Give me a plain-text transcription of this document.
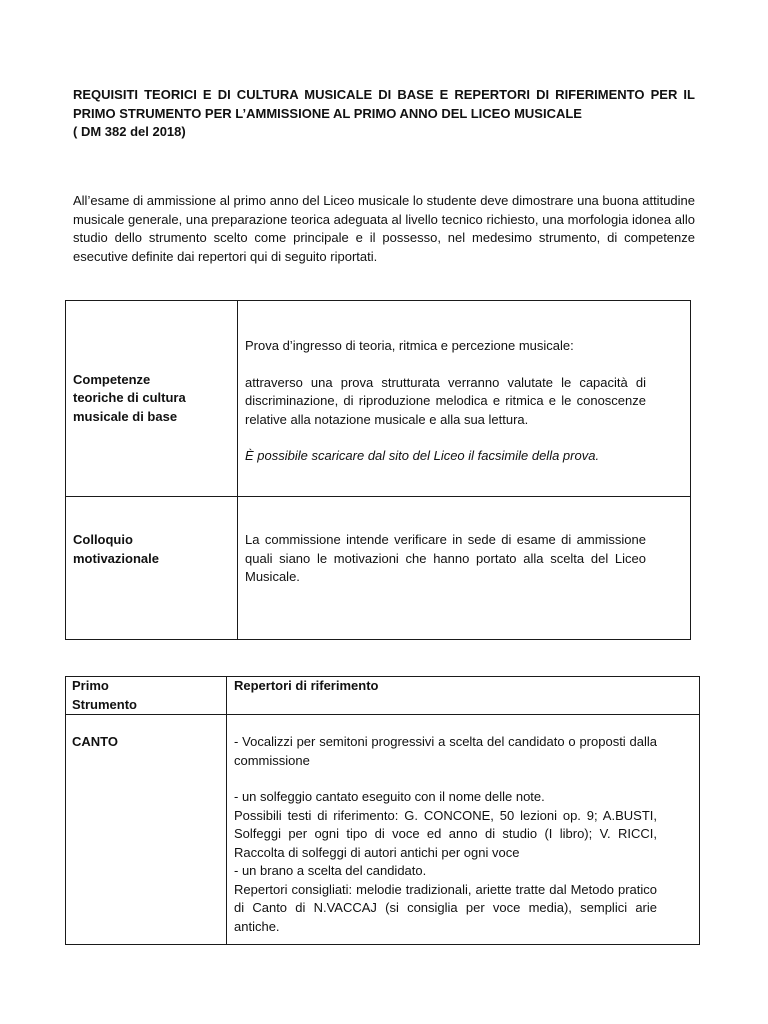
REQUISITI TEORICI E DI CULTURA MUSICALE DI BASE E REPERTORI DI RIFERIMENTO PER IL
PRIMO STRUMENTO PER L’AMMISSIONE AL PRIMO ANNO DEL LICEO MUSICALE
( DM 382 del 2018)
All’esame di ammissione al primo anno del Liceo musicale lo studente deve dimostrare una buona attitudine musicale generale, una preparazione teorica adeguata al livello tecnico richiesto, una morfologia idonea allo studio dello strumento scelto come principale e il possesso, nel medesimo strumento, di competenze esecutive definite dai repertori qui di seguito riportati.
Competenze teoriche di cultura musicale di base	Prova d’ingresso di teoria, ritmica e percezione musicale:

attraverso una prova strutturata verranno valutate le capacità di discriminazione, di riproduzione melodica e ritmica e le conoscenze relative alla notazione musicale e alla sua lettura.

È possibile scaricare dal sito del Liceo il facsimile della prova.

Colloquio motivazionale	La commissione intende verificare in sede di esame di ammissione quali siano le motivazioni che hanno portato alla scelta del Liceo Musicale.

Primo Strumento	Repertori di riferimento

CANTO	- Vocalizzi per semitoni progressivi a scelta del candidato o proposti dalla commissione

- un solfeggio cantato eseguito con il nome delle note.

Possibili testi di riferimento: G. CONCONE, 50 lezioni op. 9; A.BUSTI, Solfeggi per ogni tipo di voce ed anno di studio (I libro); V. RICCI, Raccolta di solfeggi di autori antichi per ogni voce

- un brano a scelta del candidato.

Repertori consigliati: melodie tradizionali, ariette tratte dal Metodo pratico di Canto di N.VACCAJ (si consiglia per voce media), semplici arie antiche.
